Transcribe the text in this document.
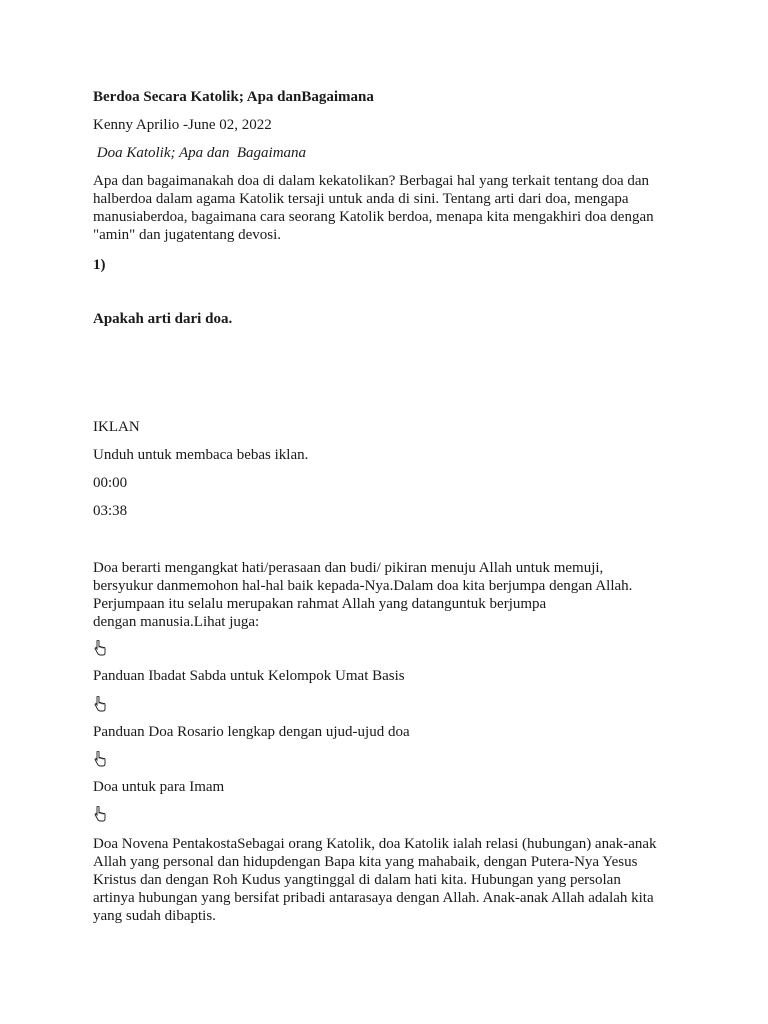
Berdoa Secara Katolik; Apa danBagaimana
Kenny Aprilio -June 02, 2022
Doa Katolik; Apa dan  Bagaimana
Apa dan bagaimanakah doa di dalam kekatolikan? Berbagai hal yang terkait tentang doa dan
halberdoa dalam agama Katolik tersaji untuk anda di sini. Tentang arti dari doa, mengapa
manusiaberdoa, bagaimana cara seorang Katolik berdoa, menapa kita mengakhiri doa dengan
"amin" dan jugatentang devosi.
1)
Apakah arti dari doa.
IKLAN
Unduh untuk membaca bebas iklan.
00:00
03:38
Doa berarti mengangkat hati/perasaan dan budi/ pikiran menuju Allah untuk memuji,
bersyukur danmemohon hal-hal baik kepada-Nya.Dalam doa kita berjumpa dengan Allah.
Perjumpaan itu selalu merupakan rahmat Allah yang datanguntuk berjumpa
dengan manusia.Lihat juga:
Panduan Ibadat Sabda untuk Kelompok Umat Basis
Panduan Doa Rosario lengkap dengan ujud-ujud doa
Doa untuk para Imam
Doa Novena PentakostaSebagai orang Katolik, doa Katolik ialah relasi (hubungan) anak-anak
Allah yang personal dan hidupdengan Bapa kita yang mahabaik, dengan Putera-Nya Yesus
Kristus dan dengan Roh Kudus yangtinggal di dalam hati kita. Hubungan yang persolan
artinya hubungan yang bersifat pribadi antarasaya dengan Allah. Anak-anak Allah adalah kita
yang sudah dibaptis.
